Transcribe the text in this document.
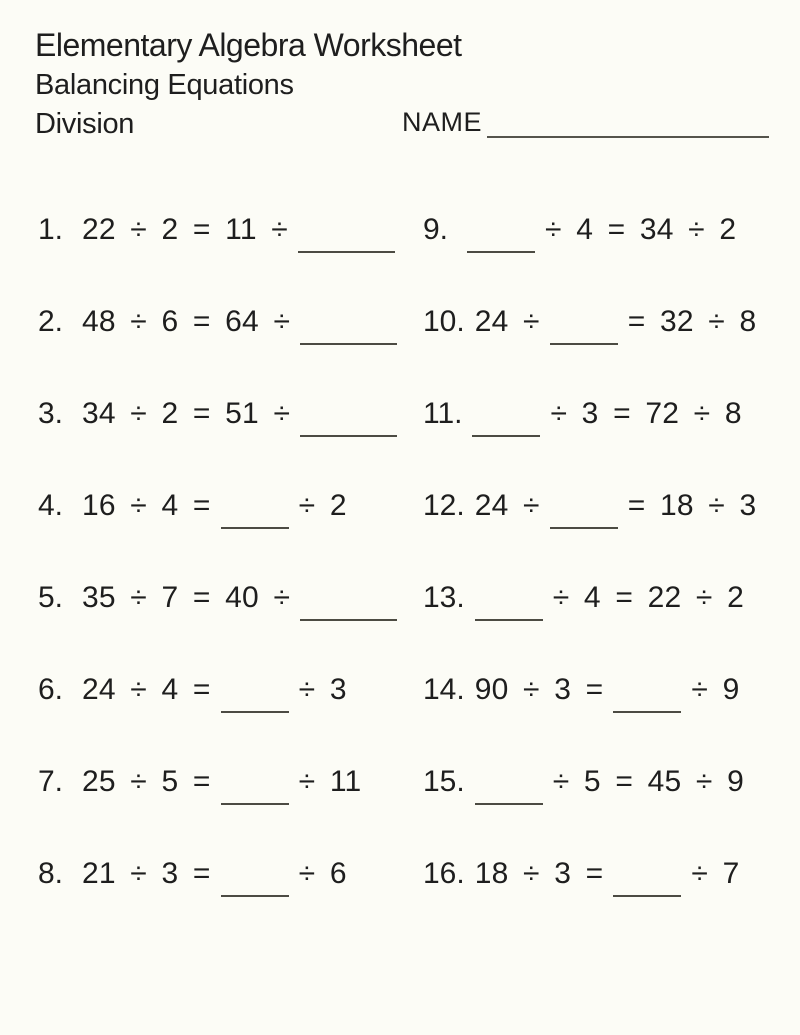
Elementary Algebra Worksheet
Balancing Equations
Division	NAME
1. 22 ÷ 2 = 11 ÷
2. 48 ÷ 6 = 64 ÷
3. 34 ÷ 2 = 51 ÷
4. 16 ÷ 4 =	÷ 2
5. 35 ÷ 7 = 40 ÷
6. 24 ÷ 4 =	÷ 3
7. 25 ÷ 5 =	÷ 11
8. 21 ÷ 3 =	÷ 6
9.	÷ 4 = 34 ÷ 2
10. 24 ÷	= 32 ÷ 8
11.	÷ 3 = 72 ÷ 8
12. 24 ÷	= 18 ÷ 3
13.	÷ 4 = 22 ÷ 2
14. 90 ÷ 3 =	÷ 9
15.	÷ 5 = 45 ÷ 9
16. 18 ÷ 3 =	÷ 7
